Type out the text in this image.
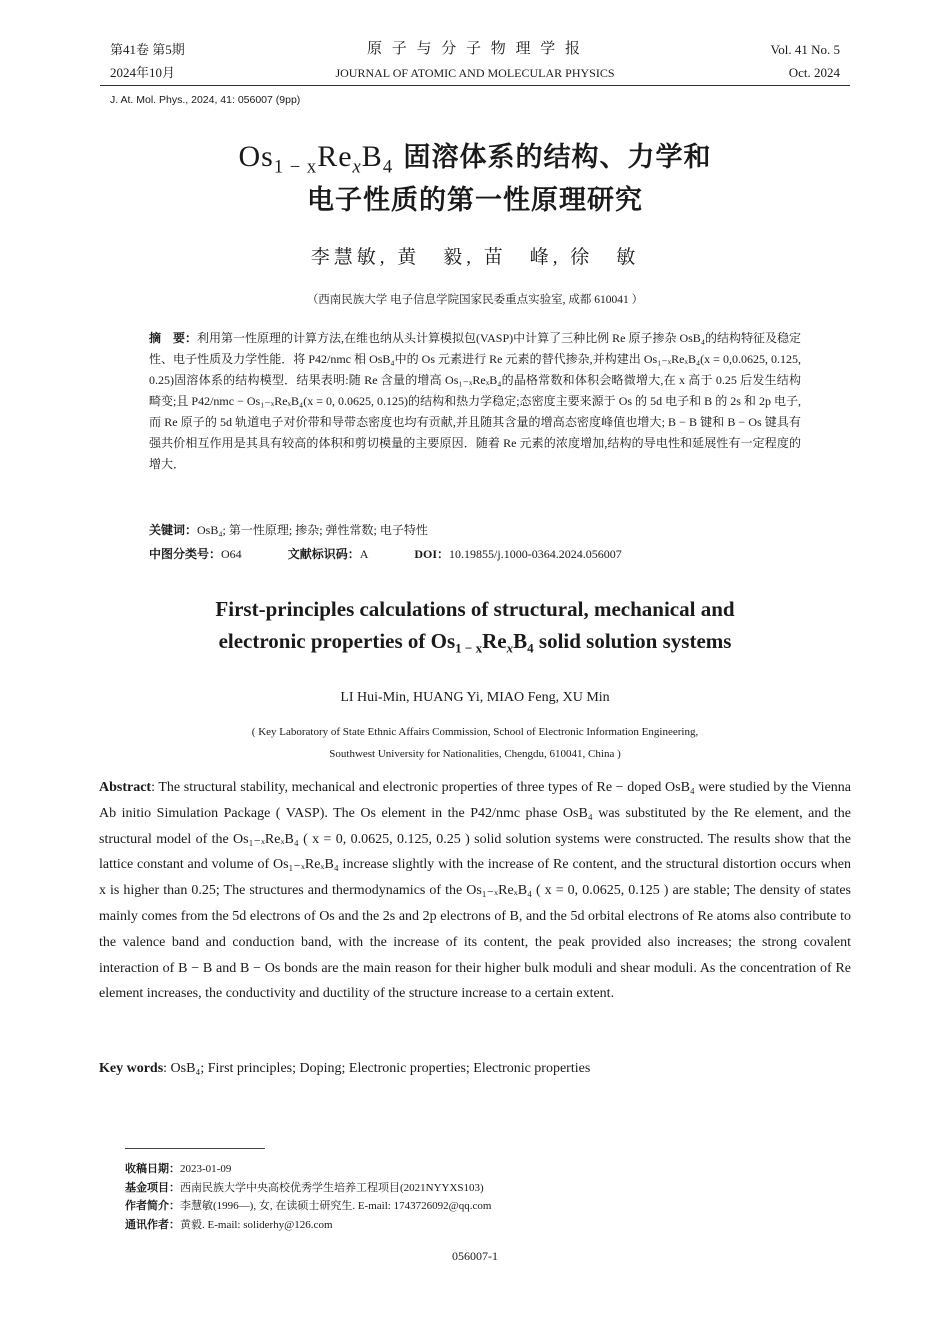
第41卷 第5期
2024年10月
原 子 与 分 子 物 理 学 报
JOURNAL OF ATOMIC AND MOLECULAR PHYSICS
Vol. 41 No. 5
Oct. 2024
J. At. Mol. Phys., 2024, 41: 056007 (9pp)
$Os_{1 - x}Re_xB_4$ 固溶体系的结构、力学和
电子性质的第一性原理研究
李慧敏, 黄　毅, 苗　峰, 徐　敏
（西南民族大学 电子信息学院国家民委重点实验室, 成都 610041 ）
摘　要：利用第一性原理的计算方法,在维也纳从头计算模拟包(VASP)中计算了三种比例 Re 原子掺杂 OsB₄的结构特征及稳定性、电子性质及力学性能．将 P42/nmc 相 OsB₄中的 Os 元素进行 Re 元素的替代掺杂,并构建出 Os₁₋ₓReₓB₄(x = 0,0.0625, 0.125, 0.25)固溶体系的结构模型．结果表明:随 Re 含量的增高 Os₁₋ₓReₓB₄的晶格常数和体积会略微增大,在 x 高于 0.25 后发生结构畸变;且 P42/nmc − Os₁₋ₓReₓB₄(x = 0, 0.0625, 0.125)的结构和热力学稳定;态密度主要来源于 Os 的 5d 电子和 B 的 2s 和 2p 电子,而 Re 原子的 5d 轨道电子对价带和导带态密度也均有贡献,并且随其含量的增高态密度峰值也增大; B − B 键和 B − Os 键具有强共价相互作用是其具有较高的体积和剪切模量的主要原因．随着 Re 元素的浓度增加,结构的导电性和延展性有一定程度的增大．
关键词：OsB₄; 第一性原理; 掺杂; 弹性常数; 电子特性
中图分类号：O64	文献标识码：A	DOI：10.19855/j.1000-0364.2024.056007
First-principles calculations of structural, mechanical and
electronic properties of $Os_{1 - x}Re_xB_4$ solid solution systems
LI Hui-Min, HUANG Yi, MIAO Feng, XU Min
( Key Laboratory of State Ethnic Affairs Commission, School of Electronic Information Engineering,
Southwest University for Nationalities, Chengdu, 610041, China )
Abstract: The structural stability, mechanical and electronic properties of three types of Re − doped OsB₄ were studied by the Vienna Ab initio Simulation Package ( VASP). The Os element in the P42/nmc phase OsB₄ was substituted by the Re element, and the structural model of the Os₁₋ₓReₓB₄ ( x = 0, 0.0625, 0.125, 0.25 ) solid solution systems were constructed. The results show that the lattice constant and volume of Os₁₋ₓReₓB₄ increase slightly with the increase of Re content, and the structural distortion occurs when x is higher than 0.25; The structures and thermodynamics of the Os₁₋ₓReₓB₄ ( x = 0, 0.0625, 0.125 ) are stable; The density of states mainly comes from the 5d electrons of Os and the 2s and 2p electrons of B, and the 5d orbital electrons of Re atoms also contribute to the valence band and conduction band, with the increase of its content, the peak provided also increases; the strong covalent interaction of B − B and B − Os bonds are the main reason for their higher bulk moduli and shear moduli. As the concentration of Re element increases, the conductivity and ductility of the structure increase to a certain extent.
Key words: OsB₄; First principles; Doping; Electronic properties; Electronic properties
收稿日期：2023-01-09
基金项目：西南民族大学中央高校优秀学生培养工程项目(2021NYYXS103)
作者简介：李慧敏(1996—), 女, 在读硕士研究生. E-mail: 1743726092@qq.com
通讯作者：黄毅. E-mail: soliderhy@126.com
056007-1
